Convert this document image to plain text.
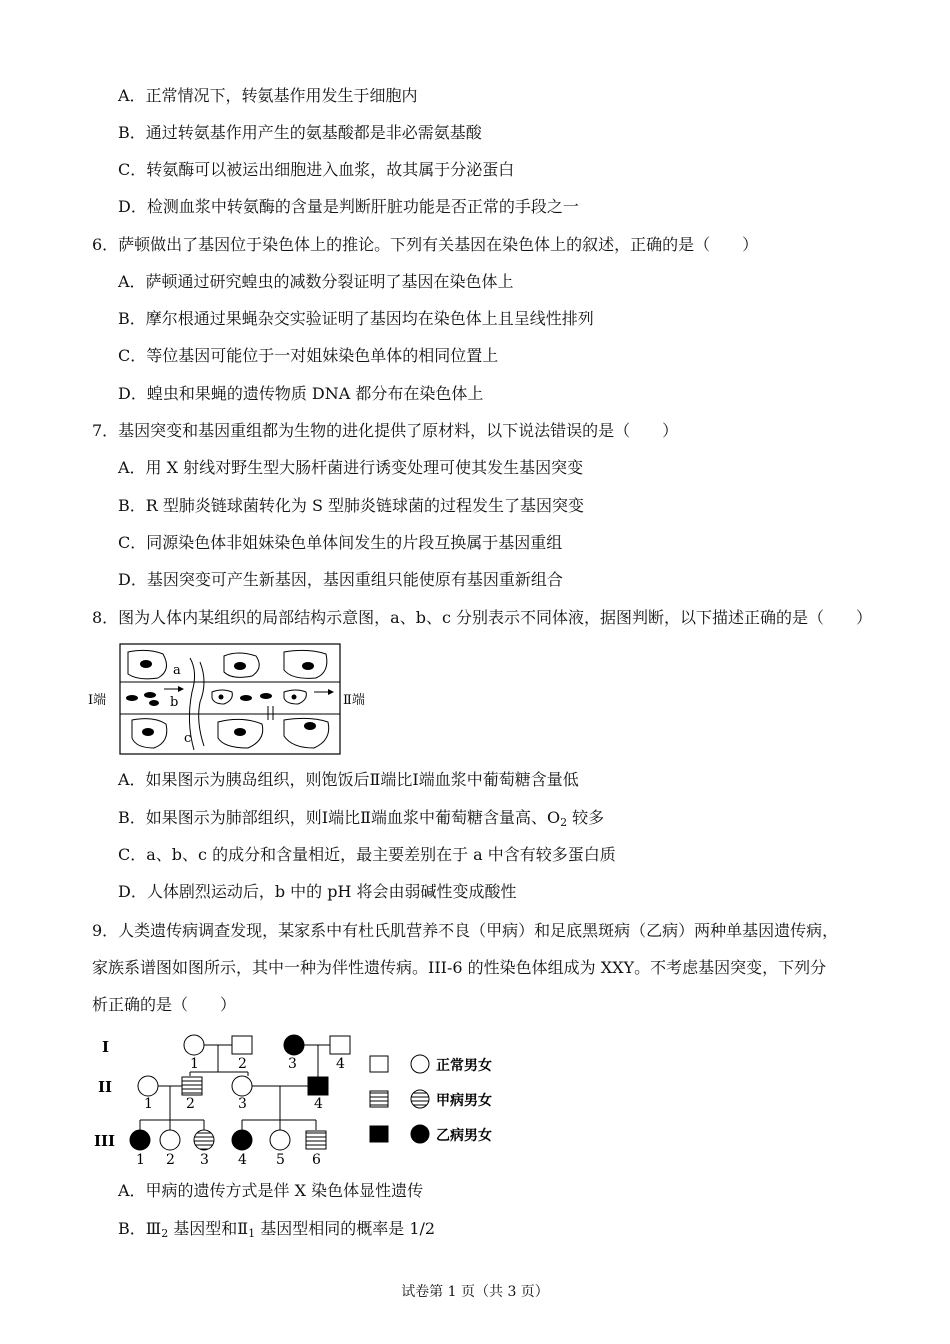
A．正常情况下，转氨基作用发生于细胞内
B．通过转氨基作用产生的氨基酸都是非必需氨基酸
C．转氨酶可以被运出细胞进入血浆，故其属于分泌蛋白
D．检测血浆中转氨酶的含量是判断肝脏功能是否正常的手段之一
6．萨顿做出了基因位于染色体上的推论。下列有关基因在染色体上的叙述，正确的是（　　）
A．萨顿通过研究蝗虫的减数分裂证明了基因在染色体上
B．摩尔根通过果蝇杂交实验证明了基因均在染色体上且呈线性排列
C．等位基因可能位于一对姐妹染色单体的相同位置上
D．蝗虫和果蝇的遗传物质 DNA 都分布在染色体上
7．基因突变和基因重组都为生物的进化提供了原材料，以下说法错误的是（　　）
A．用 X 射线对野生型大肠杆菌进行诱变处理可使其发生基因突变
B．R 型肺炎链球菌转化为 S 型肺炎链球菌的过程发生了基因突变
C．同源染色体非姐妹染色单体间发生的片段互换属于基因重组
D．基因突变可产生新基因，基因重组只能使原有基因重新组合
8．图为人体内某组织的局部结构示意图，a、b、c 分别表示不同体液，据图判断，以下描述正确的是（　　）
Ⅰ端	Ⅱ端
a
b
c
A．如果图示为胰岛组织，则饱饭后Ⅱ端比Ⅰ端血浆中葡萄糖含量低
B．如果图示为肺部组织，则Ⅰ端比Ⅱ端血浆中葡萄糖含量高、$O_2$ 较多
C．a、b、c 的成分和含量相近，最主要差别在于 a 中含有较多蛋白质
D．人体剧烈运动后，b 中的 pH 将会由弱碱性变成酸性
9．人类遗传病调查发现，某家系中有杜氏肌营养不良（甲病）和足底黑斑病（乙病）两种单基因遗传病，
家族系谱图如图所示，其中一种为伴性遗传病。III-6 的性染色体组成为 XXY。不考虑基因突变，下列分
析正确的是（　　）
I
II
III
1	2	3	4
1 2	3	4
1 2 3 4 5 6
正常男女
甲病男女
乙病男女
A．甲病的遗传方式是伴 X 染色体显性遗传
B．$Ⅲ_2$ 基因型和$Ⅱ_1$ 基因型相同的概率是 1/2
试卷第 1 页（共 3 页）
